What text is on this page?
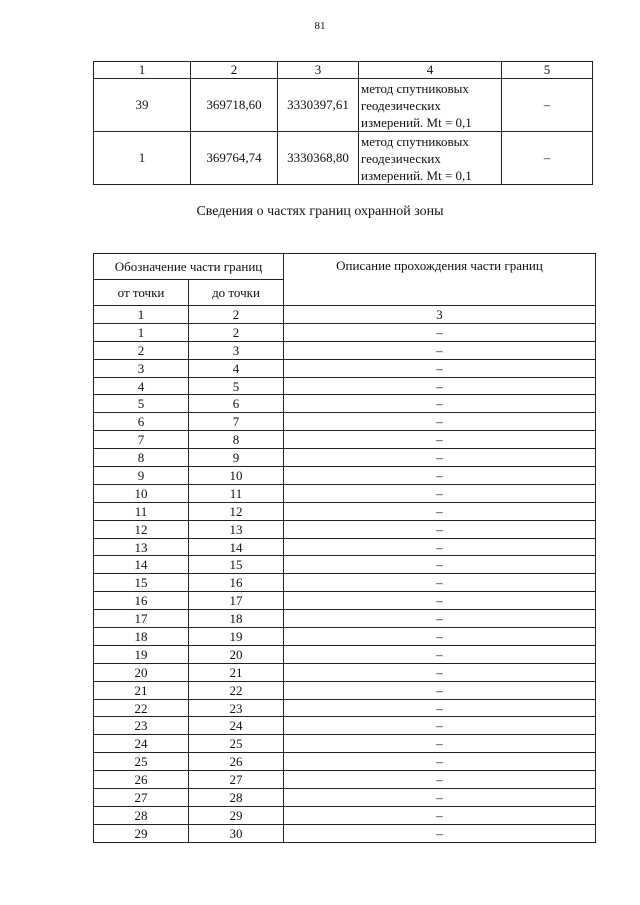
81
1	2	3	4	5
39	369718,60	3330397,61	метод спутниковых
геодезических
измерений. Mt = 0,1	–
1	369764,74	3330368,80	метод спутниковых
геодезических
измерений. Mt = 0,1	–
Сведения о частях границ охранной зоны
Обозначение части границ		Описание прохождения части границ
от точки	до точки	
1	2	3
1	2	–
2	3	–
3	4	–
4	5	–
5	6	–
6	7	–
7	8	–
8	9	–
9	10	–
10	11	–
11	12	–
12	13	–
13	14	–
14	15	–
15	16	–
16	17	–
17	18	–
18	19	–
19	20	–
20	21	–
21	22	–
22	23	–
23	24	–
24	25	–
25	26	–
26	27	–
27	28	–
28	29	–
29	30	–
